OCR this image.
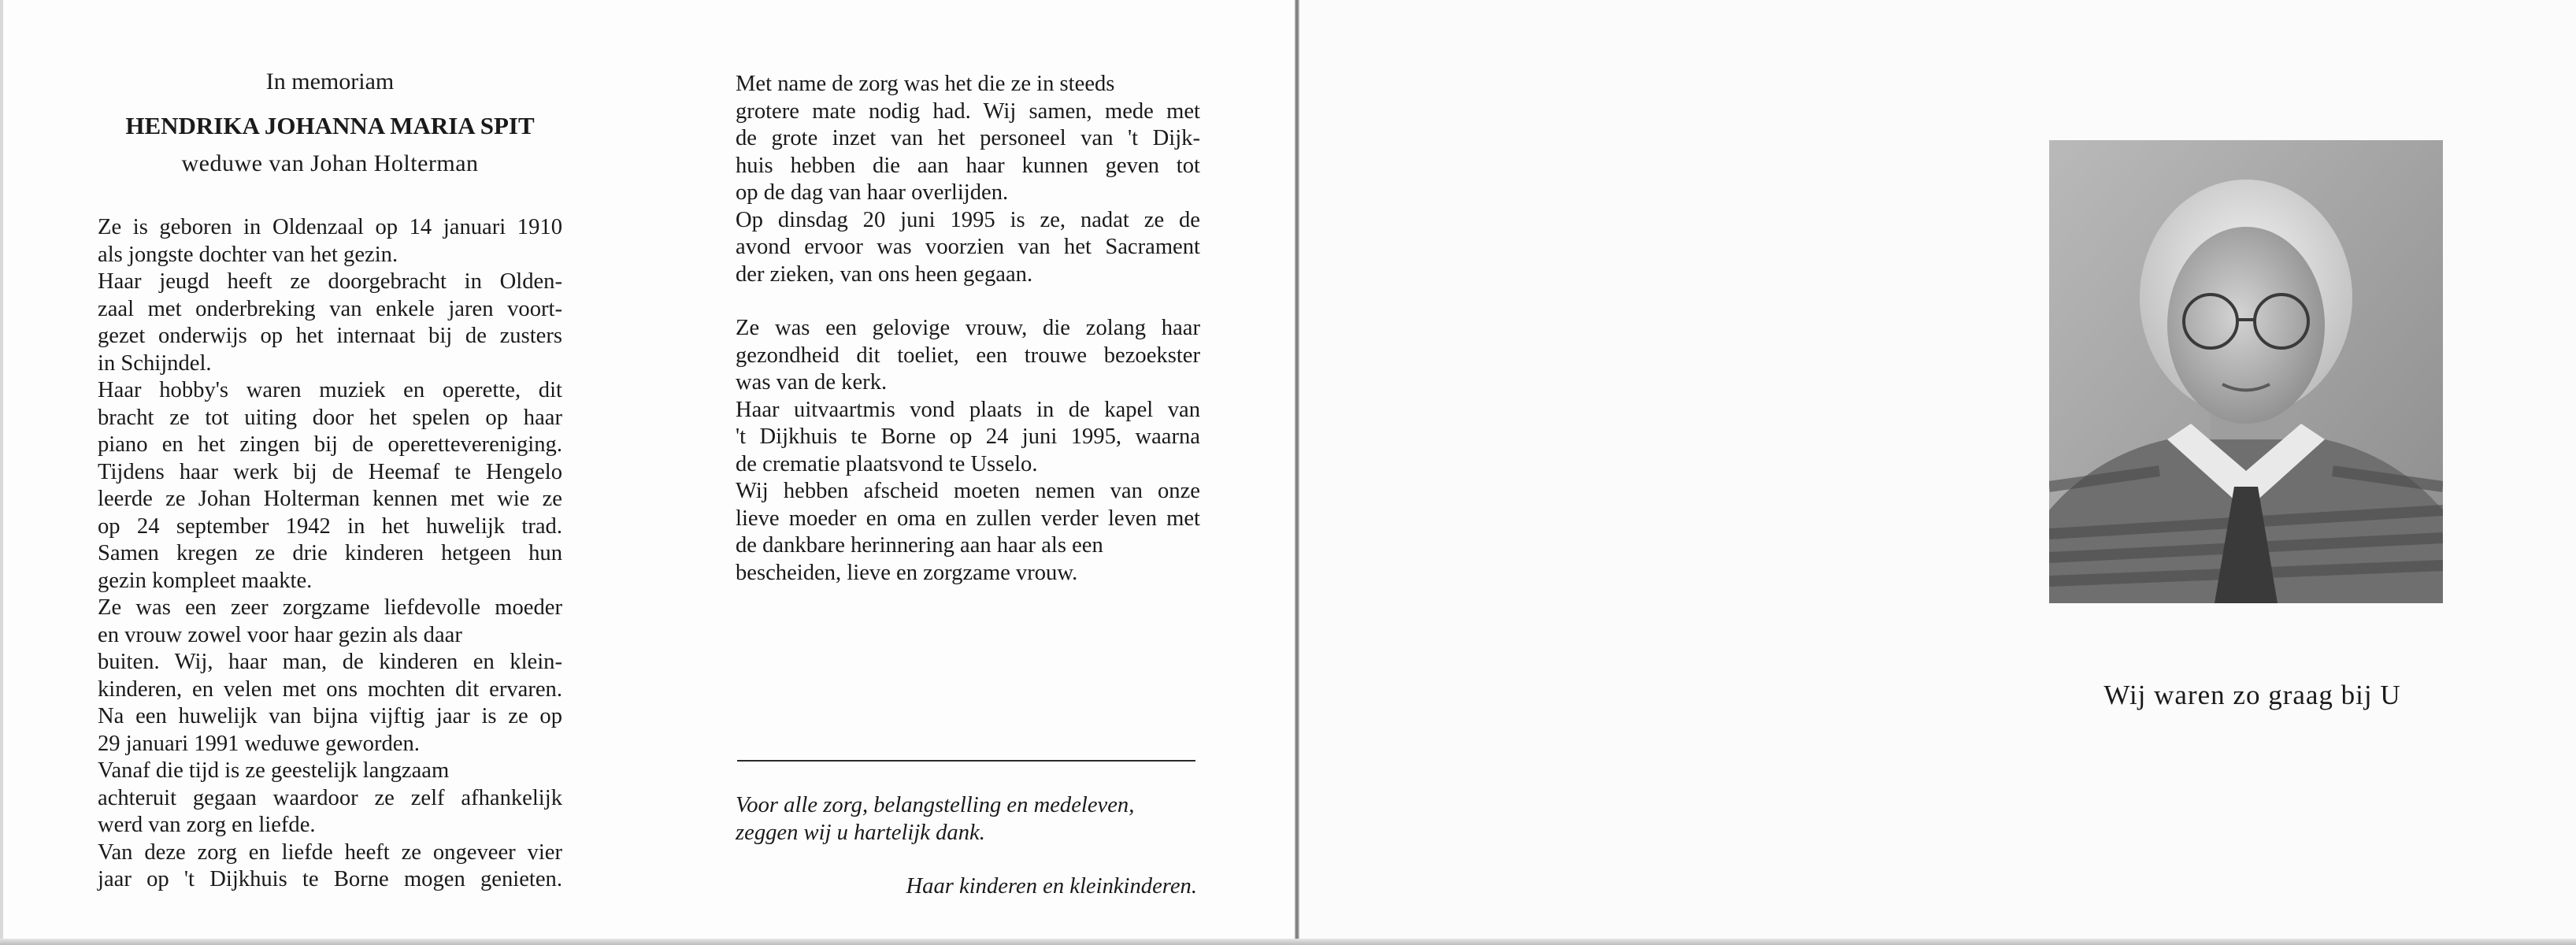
In memoriam
HENDRIKA JOHANNA MARIA SPIT
weduwe van Johan Holterman
Ze is geboren in Oldenzaal op 14 januari 1910
als jongste dochter van het gezin.
Haar jeugd heeft ze doorgebracht in Olden-
zaal met onderbreking van enkele jaren voort-
gezet onderwijs op het internaat bij de zusters
in Schijndel.
Haar hobby's waren muziek en operette, dit
bracht ze tot uiting door het spelen op haar
piano en het zingen bij de operettevereniging.
Tijdens haar werk bij de Heemaf te Hengelo
leerde ze Johan Holterman kennen met wie ze
op 24 september 1942 in het huwelijk trad.
Samen kregen ze drie kinderen hetgeen hun
gezin kompleet maakte.
Ze was een zeer zorgzame liefdevolle moeder
en vrouw zowel voor haar gezin als daar
buiten. Wij, haar man, de kinderen en klein-
kinderen, en velen met ons mochten dit ervaren.
Na een huwelijk van bijna vijftig jaar is ze op
29 januari 1991 weduwe geworden.
Vanaf die tijd is ze geestelijk langzaam
achteruit gegaan waardoor ze zelf afhankelijk
werd van zorg en liefde.
Van deze zorg en liefde heeft ze ongeveer vier
jaar op 't Dijkhuis te Borne mogen genieten.
Met name de zorg was het die ze in steeds
grotere mate nodig had. Wij samen, mede met
de grote inzet van het personeel van 't Dijk-
huis hebben die aan haar kunnen geven tot
op de dag van haar overlijden.
Op dinsdag 20 juni 1995 is ze, nadat ze de
avond ervoor was voorzien van het Sacrament
der zieken, van ons heen gegaan.
Ze was een gelovige vrouw, die zolang haar
gezondheid dit toeliet, een trouwe bezoekster
was van de kerk.
Haar uitvaartmis vond plaats in de kapel van
't Dijkhuis te Borne op 24 juni 1995, waarna
de crematie plaatsvond te Usselo.
Wij hebben afscheid moeten nemen van onze
lieve moeder en oma en zullen verder leven met
de dankbare herinnering aan haar als een
bescheiden, lieve en zorgzame vrouw.
Voor alle zorg, belangstelling en medeleven,
zeggen wij u hartelijk dank.
Haar kinderen en kleinkinderen.
Wij waren zo graag bij U
